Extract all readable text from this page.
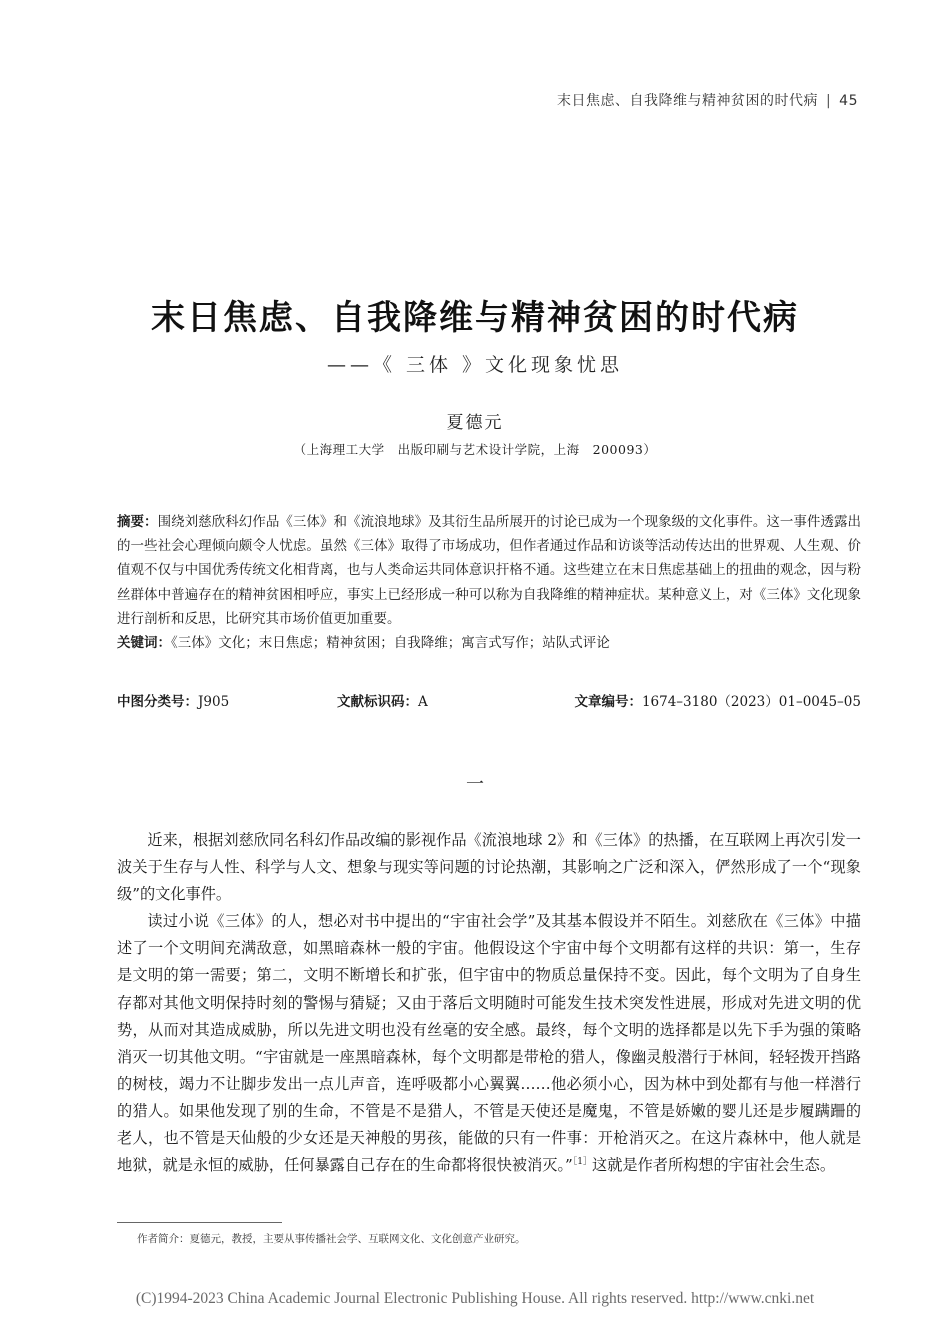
末日焦虑、自我降维与精神贫困的时代病 | 45
末日焦虑、自我降维与精神贫困的时代病
——《 三体 》文化现象忧思
夏德元
（上海理工大学　出版印刷与艺术设计学院，上海　200093）
摘要：围绕刘慈欣科幻作品《三体》和《流浪地球》及其衍生品所展开的讨论已成为一个现象级的文化事件。这一事件透露出的一些社会心理倾向颇令人忧虑。虽然《三体》取得了市场成功，但作者通过作品和访谈等活动传达出的世界观、人生观、价值观不仅与中国优秀传统文化相背离，也与人类命运共同体意识扞格不通。这些建立在末日焦虑基础上的扭曲的观念，因与粉丝群体中普遍存在的精神贫困相呼应，事实上已经形成一种可以称为自我降维的精神症状。某种意义上，对《三体》文化现象进行剖析和反思，比研究其市场价值更加重要。
关键词：《三体》文化；末日焦虑；精神贫困；自我降维；寓言式写作；站队式评论
中图分类号：J905	文献标识码：A	文章编号：1674–3180（2023）01–0045–05
一

近来，根据刘慈欣同名科幻作品改编的影视作品《流浪地球 2》和《三体》的热播，在互联网上再次引发一波关于生存与人性、科学与人文、想象与现实等问题的讨论热潮，其影响之广泛和深入，俨然形成了一个“现象级”的文化事件。

读过小说《三体》的人，想必对书中提出的“宇宙社会学”及其基本假设并不陌生。刘慈欣在《三体》中描述了一个文明间充满敌意，如黑暗森林一般的宇宙。他假设这个宇宙中每个文明都有这样的共识：第一，生存是文明的第一需要；第二，文明不断增长和扩张，但宇宙中的物质总量保持不变。因此，每个文明为了自身生存都对其他文明保持时刻的警惕与猜疑；又由于落后文明随时可能发生技术突发性进展，形成对先进文明的优势，从而对其造成威胁，所以先进文明也没有丝毫的安全感。最终，每个文明的选择都是以先下手为强的策略消灭一切其他文明。“宇宙就是一座黑暗森林，每个文明都是带枪的猎人，像幽灵般潜行于林间，轻轻拨开挡路的树枝，竭力不让脚步发出一点儿声音，连呼吸都小心翼翼……他必须小心，因为林中到处都有与他一样潜行的猎人。如果他发现了别的生命，不管是不是猎人，不管是天使还是魔鬼，不管是娇嫩的婴儿还是步履蹒跚的老人，也不管是天仙般的少女还是天神般的男孩，能做的只有一件事：开枪消灭之。在这片森林中，他人就是地狱，就是永恒的威胁，任何暴露自己存在的生命都将很快被消灭。”$^{[1]}$这就是作者所构想的宇宙社会生态。

作者简介：夏德元，教授，主要从事传播社会学、互联网文化、文化创意产业研究。
(C)1994-2023 China Academic Journal Electronic Publishing House. All rights reserved. http://www.cnki.net
